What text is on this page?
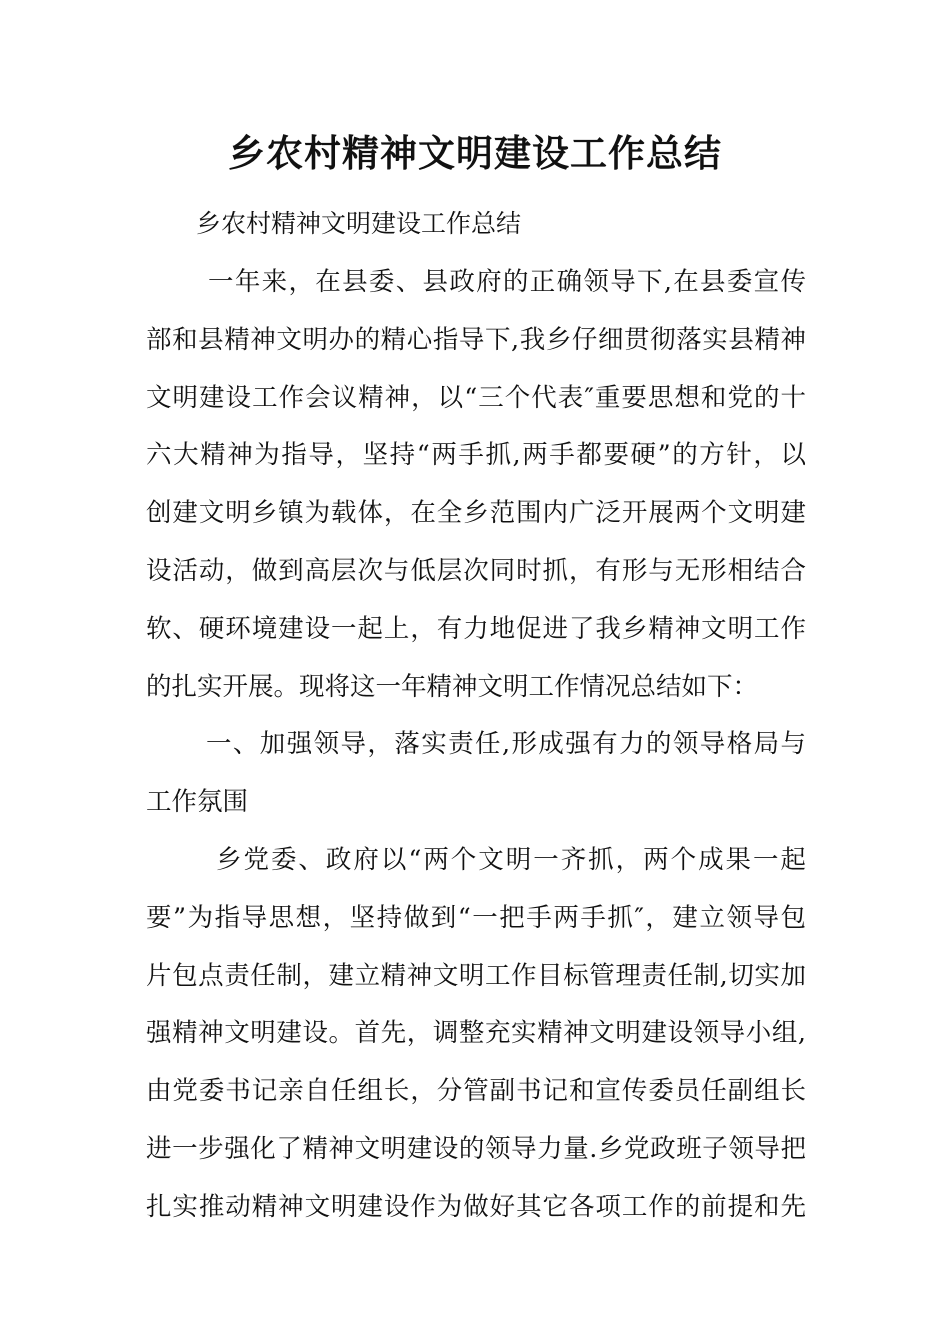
乡农村精神文明建设工作总结

乡农村精神文明建设工作总结

一年来，在县委、县政府的正确领导下,在县委宣传
部和县精神文明办的精心指导下,我乡仔细贯彻落实县精神
文明建设工作会议精神，以“三个代表″重要思想和党的十
六大精神为指导，坚持“两手抓,两手都要硬”的方针，以
创建文明乡镇为载体，在全乡范围内广泛开展两个文明建
设活动，做到高层次与低层次同时抓，有形与无形相结合
软、硬环境建设一起上，有力地促进了我乡精神文明工作
的扎实开展。现将这一年精神文明工作情况总结如下：
一、加强领导，落实责任,形成强有力的领导格局与
工作氛围
乡党委、政府以“两个文明一齐抓，两个成果一起
要”为指导思想，坚持做到“一把手两手抓″，建立领导包
片包点责任制，建立精神文明工作目标管理责任制,切实加
强精神文明建设。首先，调整充实精神文明建设领导小组,
由党委书记亲自任组长，分管副书记和宣传委员任副组长
进一步强化了精神文明建设的领导力量.乡党政班子领导把
扎实推动精神文明建设作为做好其它各项工作的前提和先
